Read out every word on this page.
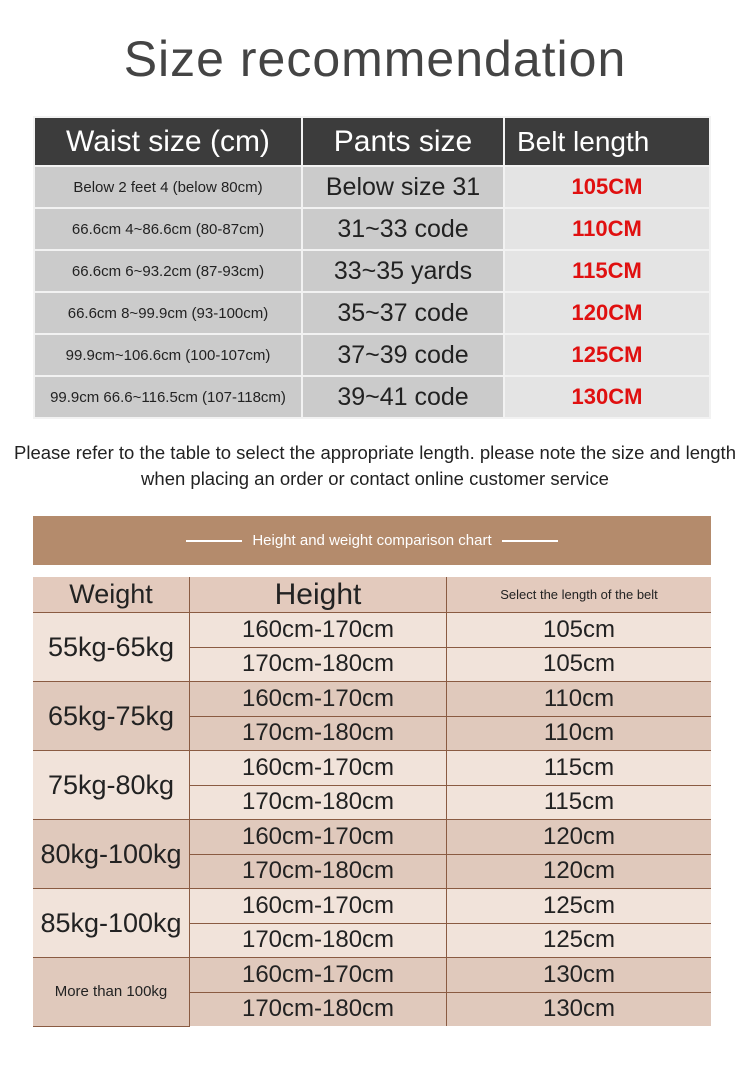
Size recommendation
Waist size (cm)	Pants size	Belt length
Below 2 feet 4 (below 80cm)	Below size 31	105CM
66.6cm 4~86.6cm (80-87cm)	31~33 code	110CM
66.6cm 6~93.2cm (87-93cm)	33~35 yards	115CM
66.6cm 8~99.9cm (93-100cm)	35~37 code	120CM
99.9cm~106.6cm (100-107cm)	37~39 code	125CM
99.9cm 66.6~116.5cm (107-118cm)	39~41 code	130CM
Please refer to the table to select the appropriate length. please note the size and length when placing an order or contact online customer service
Height and weight comparison chart
Weight	Height	Select the length of the belt
55kg-65kg	160cm-170cm	105cm
	170cm-180cm	105cm
65kg-75kg	160cm-170cm	110cm
	170cm-180cm	110cm
75kg-80kg	160cm-170cm	115cm
	170cm-180cm	115cm
80kg-100kg	160cm-170cm	120cm
	170cm-180cm	120cm
85kg-100kg	160cm-170cm	125cm
	170cm-180cm	125cm
More than 100kg	160cm-170cm	130cm
	170cm-180cm	130cm
